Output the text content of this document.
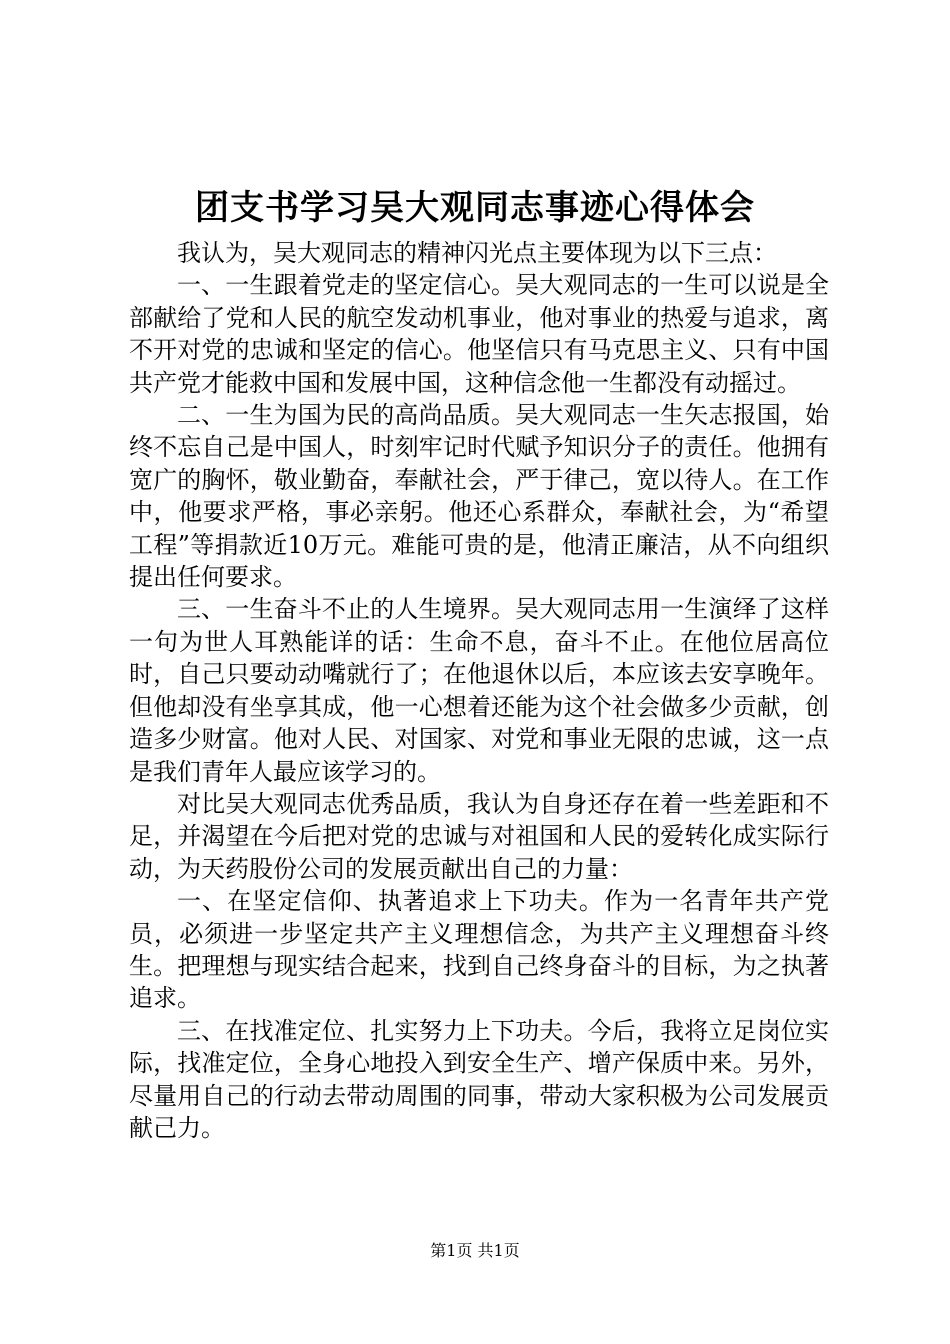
团支书学习吴大观同志事迹心得体会

我认为，吴大观同志的精神闪光点主要体现为以下三点：

一、一生跟着党走的坚定信心。吴大观同志的一生可以说是全部献给了党和人民的航空发动机事业，他对事业的热爱与追求，离不开对党的忠诚和坚定的信心。他坚信只有马克思主义、只有中国共产党才能救中国和发展中国，这种信念他一生都没有动摇过。

二、一生为国为民的高尚品质。吴大观同志一生矢志报国，始终不忘自己是中国人，时刻牢记时代赋予知识分子的责任。他拥有宽广的胸怀，敬业勤奋，奉献社会，严于律己，宽以待人。在工作中，他要求严格，事必亲躬。他还心系群众，奉献社会，为“希望工程”等捐款近10万元。难能可贵的是，他清正廉洁，从不向组织提出任何要求。

三、一生奋斗不止的人生境界。吴大观同志用一生演绎了这样一句为世人耳熟能详的话：生命不息，奋斗不止。在他位居高位时，自己只要动动嘴就行了；在他退休以后，本应该去安享晚年。但他却没有坐享其成，他一心想着还能为这个社会做多少贡献，创造多少财富。他对人民、对国家、对党和事业无限的忠诚，这一点是我们青年人最应该学习的。

对比吴大观同志优秀品质，我认为自身还存在着一些差距和不足，并渴望在今后把对党的忠诚与对祖国和人民的爱转化成实际行动，为天药股份公司的发展贡献出自己的力量：

一、在坚定信仰、执著追求上下功夫。作为一名青年共产党员，必须进一步坚定共产主义理想信念，为共产主义理想奋斗终生。把理想与现实结合起来，找到自己终身奋斗的目标，为之执著追求。

三、在找准定位、扎实努力上下功夫。今后，我将立足岗位实际，找准定位，全身心地投入到安全生产、增产保质中来。另外，尽量用自己的行动去带动周围的同事，带动大家积极为公司发展贡献己力。

第1页 共1页
